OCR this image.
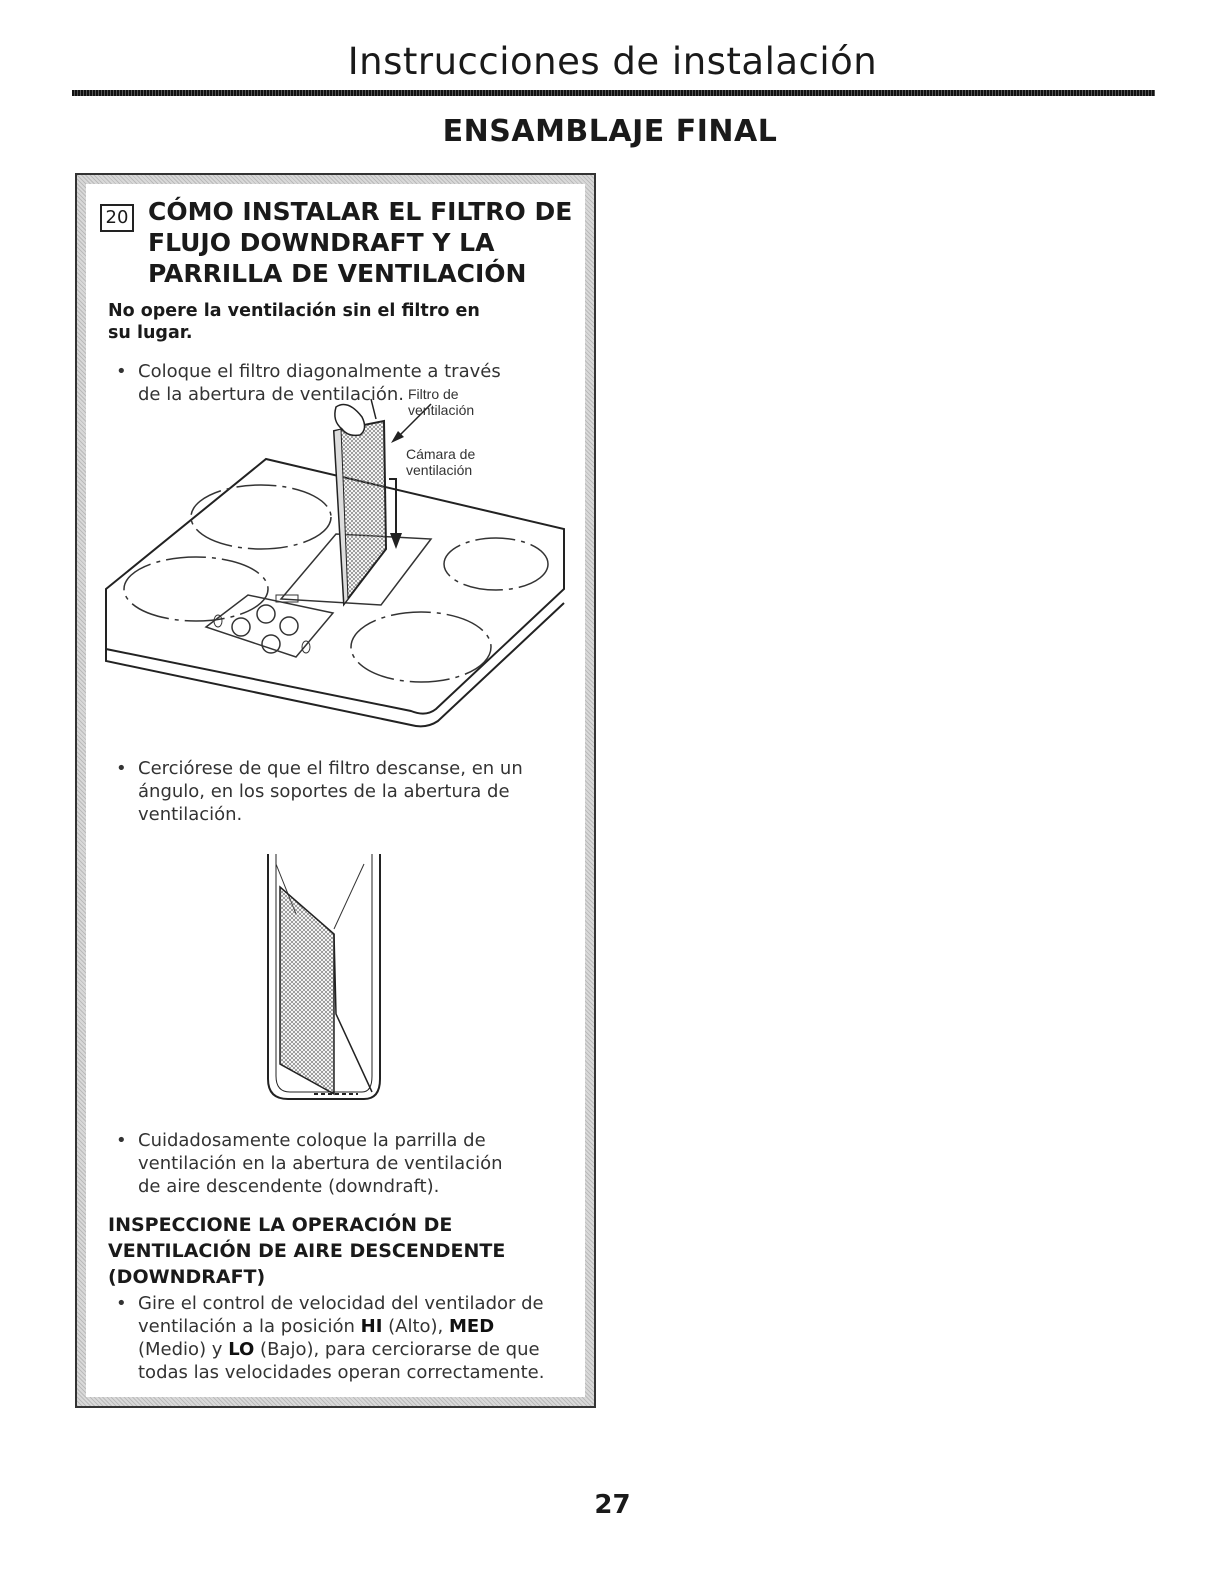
Instrucciones de instalación
ENSAMBLAJE FINAL
20 CÓMO INSTALAR EL FILTRO DE FLUJO DOWNDRAFT Y LA PARRILLA DE VENTILACIÓN
No opere la ventilación sin el filtro en su lugar.
• Coloque el filtro diagonalmente a través de la abertura de ventilación. Filtro de
ventilación
Cámara de
ventilación
• Cerciórese de que el filtro descanse, en un ángulo, en los soportes de la abertura de ventilación.
• Cuidadosamente coloque la parrilla de ventilación en la abertura de ventilación de aire descendente (downdraft).
INSPECCIONE LA OPERACIÓN DE VENTILACIÓN DE AIRE DESCENDENTE (DOWNDRAFT)
• Gire el control de velocidad del ventilador de ventilación a la posición HI (Alto), MED (Medio) y LO (Bajo), para cerciorarse de que todas las velocidades operan correctamente.
27
